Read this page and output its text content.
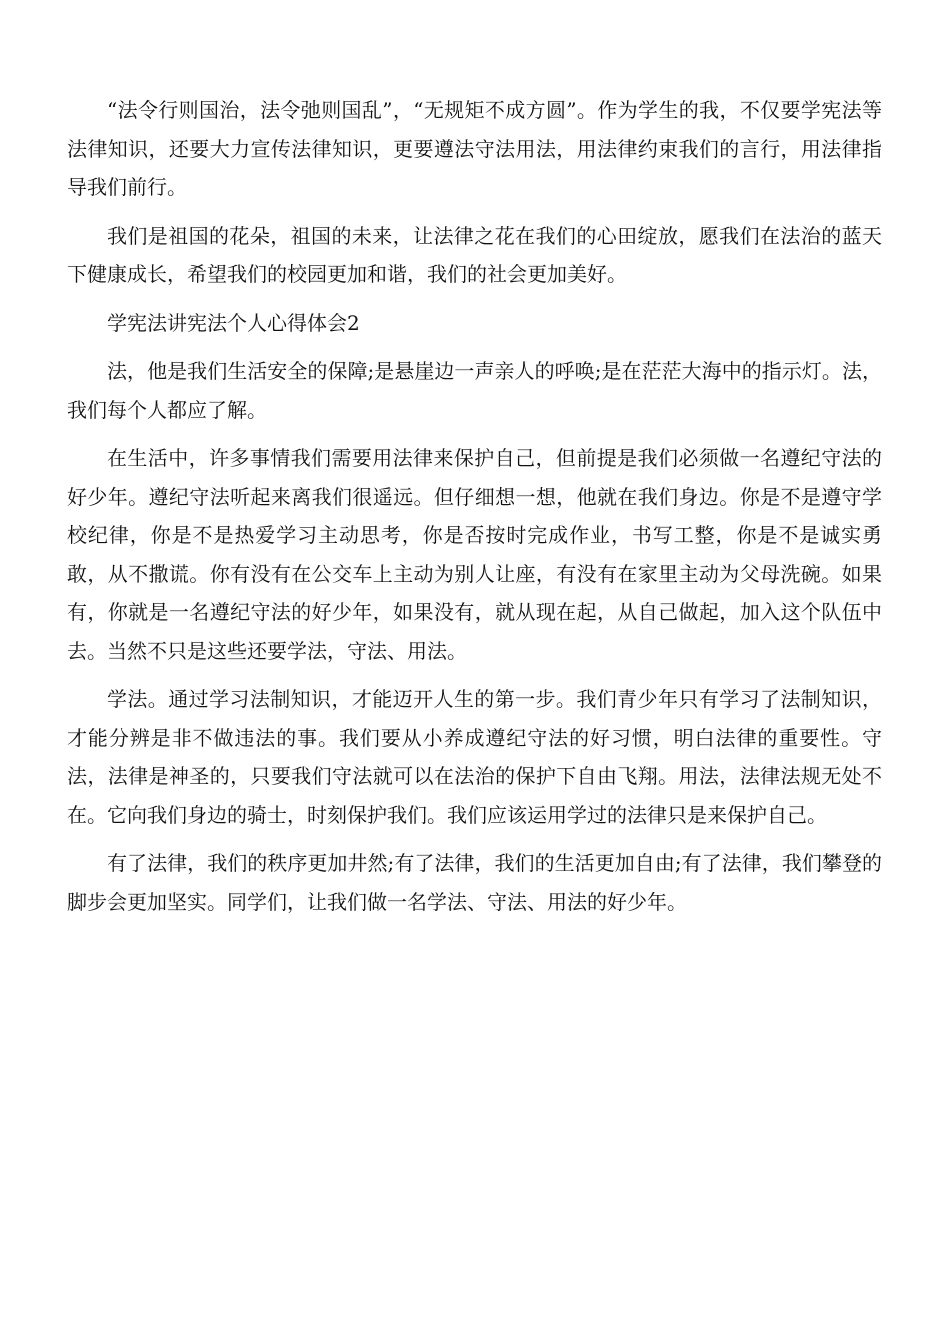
“法令行则国治，法令弛则国乱”，“无规矩不成方圆”。作为学生的我，不仅要学宪法等法律知识，还要大力宣传法律知识，更要遵法守法用法，用法律约束我们的言行，用法律指导我们前行。

我们是祖国的花朵，祖国的未来，让法律之花在我们的心田绽放，愿我们在法治的蓝天下健康成长，希望我们的校园更加和谐，我们的社会更加美好。

学宪法讲宪法个人心得体会2

法，他是我们生活安全的保障;是悬崖边一声亲人的呼唤;是在茫茫大海中的指示灯。法，我们每个人都应了解。

在生活中，许多事情我们需要用法律来保护自己，但前提是我们必须做一名遵纪守法的好少年。遵纪守法听起来离我们很遥远。但仔细想一想，他就在我们身边。你是不是遵守学校纪律，你是不是热爱学习主动思考，你是否按时完成作业，书写工整，你是不是诚实勇敢，从不撒谎。你有没有在公交车上主动为别人让座，有没有在家里主动为父母洗碗。如果有，你就是一名遵纪守法的好少年，如果没有，就从现在起，从自己做起，加入这个队伍中去。当然不只是这些还要学法，守法、用法。

学法。通过学习法制知识，才能迈开人生的第一步。我们青少年只有学习了法制知识，才能分辨是非不做违法的事。我们要从小养成遵纪守法的好习惯，明白法律的重要性。守法，法律是神圣的，只要我们守法就可以在法治的保护下自由飞翔。用法，法律法规无处不在。它向我们身边的骑士，时刻保护我们。我们应该运用学过的法律只是来保护自己。

有了法律，我们的秩序更加井然;有了法律，我们的生活更加自由;有了法律，我们攀登的脚步会更加坚实。同学们，让我们做一名学法、守法、用法的好少年。
